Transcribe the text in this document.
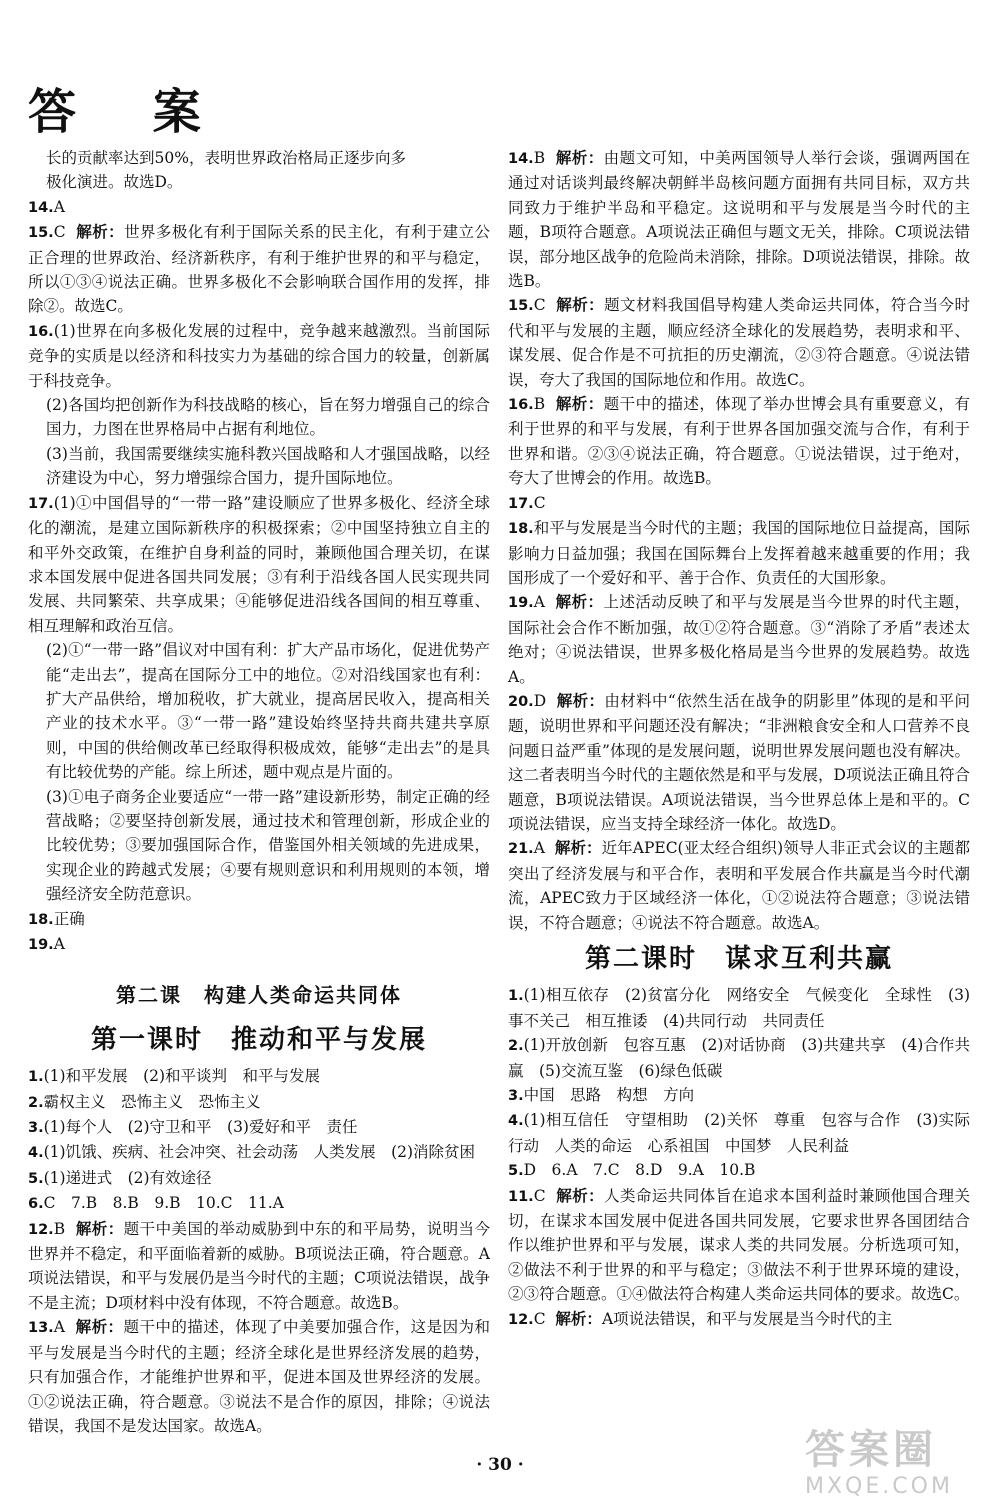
答 案
长的贡献率达到50%，表明世界政治格局正逐步向多
极化演进。故选D。
14.A
15.C 解析：世界多极化有利于国际关系的民主化，有利于建立公正合理的世界政治、经济新秩序，有利于维护世界的和平与稳定，所以①③④说法正确。世界多极化不会影响联合国作用的发挥，排除②。故选C。
16.(1)世界在向多极化发展的过程中，竞争越来越激烈。当前国际竞争的实质是以经济和科技实力为基础的综合国力的较量，创新属于科技竞争。
(2)各国均把创新作为科技战略的核心，旨在努力增强自己的综合国力，力图在世界格局中占据有利地位。
(3)当前，我国需要继续实施科教兴国战略和人才强国战略，以经济建设为中心，努力增强综合国力，提升国际地位。
17.(1)①中国倡导的“一带一路”建设顺应了世界多极化、经济全球化的潮流，是建立国际新秩序的积极探索；②中国坚持独立自主的和平外交政策，在维护自身利益的同时，兼顾他国合理关切，在谋求本国发展中促进各国共同发展；③有利于沿线各国人民实现共同发展、共同繁荣、共享成果；④能够促进沿线各国间的相互尊重、相互理解和政治互信。
(2)①“一带一路”倡议对中国有利：扩大产品市场化，促进优势产能“走出去”，提高在国际分工中的地位。②对沿线国家也有利：扩大产品供给，增加税收，扩大就业，提高居民收入，提高相关产业的技术水平。③“一带一路”建设始终坚持共商共建共享原则，中国的供给侧改革已经取得积极成效，能够“走出去”的是具有比较优势的产能。综上所述，题中观点是片面的。
(3)①电子商务企业要适应“一带一路”建设新形势，制定正确的经营战略；②要坚持创新发展，通过技术和管理创新，形成企业的比较优势；③要加强国际合作，借鉴国外相关领域的先进成果，实现企业的跨越式发展；④要有规则意识和利用规则的本领，增强经济安全防范意识。
18.正确
19.A
第二课　构建人类命运共同体
第一课时　推动和平与发展
1.(1)和平发展　(2)和平谈判　和平与发展
2.霸权主义　恐怖主义　恐怖主义
3.(1)每个人　(2)守卫和平　(3)爱好和平　责任
4.(1)饥饿、疾病、社会冲突、社会动荡　人类发展　(2)消除贫困
5.(1)递进式　(2)有效途径
6.C　7.B　8.B　9.B　10.C　11.A
12.B 解析：题干中美国的举动威胁到中东的和平局势，说明当今世界并不稳定，和平面临着新的威胁。B项说法正确，符合题意。A项说法错误，和平与发展仍是当今时代的主题；C项说法错误，战争不是主流；D项材料中没有体现，不符合题意。故选B。
13.A 解析：题干中的描述，体现了中美要加强合作，这是因为和平与发展是当今时代的主题；经济全球化是世界经济发展的趋势，只有加强合作，才能维护世界和平，促进本国及世界经济的发展。①②说法正确，符合题意。③说法不是合作的原因，排除；④说法错误，我国不是发达国家。故选A。
14.B 解析：由题文可知，中美两国领导人举行会谈，强调两国在通过对话谈判最终解决朝鲜半岛核问题方面拥有共同目标，双方共同致力于维护半岛和平稳定。这说明和平与发展是当今时代的主题，B项符合题意。A项说法正确但与题文无关，排除。C项说法错误，部分地区战争的危险尚未消除，排除。D项说法错误，排除。故选B。
15.C 解析：题文材料我国倡导构建人类命运共同体，符合当今时代和平与发展的主题，顺应经济全球化的发展趋势，表明求和平、谋发展、促合作是不可抗拒的历史潮流，②③符合题意。④说法错误，夸大了我国的国际地位和作用。故选C。
16.B 解析：题干中的描述，体现了举办世博会具有重要意义，有利于世界的和平与发展，有利于世界各国加强交流与合作，有利于世界和谐。②③④说法正确，符合题意。①说法错误，过于绝对，夸大了世博会的作用。故选B。
17.C
18.和平与发展是当今时代的主题；我国的国际地位日益提高，国际影响力日益加强；我国在国际舞台上发挥着越来越重要的作用；我国形成了一个爱好和平、善于合作、负责任的大国形象。
19.A 解析：上述活动反映了和平与发展是当今世界的时代主题，国际社会合作不断加强，故①②符合题意。③“消除了矛盾”表述太绝对；④说法错误，世界多极化格局是当今世界的发展趋势。故选A。
20.D 解析：由材料中“依然生活在战争的阴影里”体现的是和平问题，说明世界和平问题还没有解决；“非洲粮食安全和人口营养不良问题日益严重”体现的是发展问题，说明世界发展问题也没有解决。这二者表明当今时代的主题依然是和平与发展，D项说法正确且符合题意，B项说法错误。A项说法错误，当今世界总体上是和平的。C项说法错误，应当支持全球经济一体化。故选D。
21.A 解析：近年APEC(亚太经合组织)领导人非正式会议的主题都突出了经济发展与和平合作，表明和平发展合作共赢是当今时代潮流，APEC致力于区域经济一体化，①②说法符合题意；③说法错误，不符合题意；④说法不符合题意。故选A。
第二课时　谋求互利共赢
1.(1)相互依存　(2)贫富分化　网络安全　气候变化　全球性　(3)事不关己　相互推诿　(4)共同行动　共同责任
2.(1)开放创新　包容互惠　(2)对话协商　(3)共建共享　(4)合作共赢　(5)交流互鉴　(6)绿色低碳
3.中国　思路　构想　方向
4.(1)相互信任　守望相助　(2)关怀　尊重　包容与合作　(3)实际行动　人类的命运　心系祖国　中国梦　人民利益
5.D　6.A　7.C　8.D　9.A　10.B
11.C 解析：人类命运共同体旨在追求本国利益时兼顾他国合理关切，在谋求本国发展中促进各国共同发展，它要求世界各国团结合作以维护世界和平与发展，谋求人类的共同发展。分析选项可知，②做法不利于世界的和平与稳定；③做法不利于世界环境的建设，②③符合题意。①④做法符合构建人类命运共同体的要求。故选C。
12.C 解析：A项说法错误，和平与发展是当今时代的主
· 30 ·	答案圈
MXQE.COM
